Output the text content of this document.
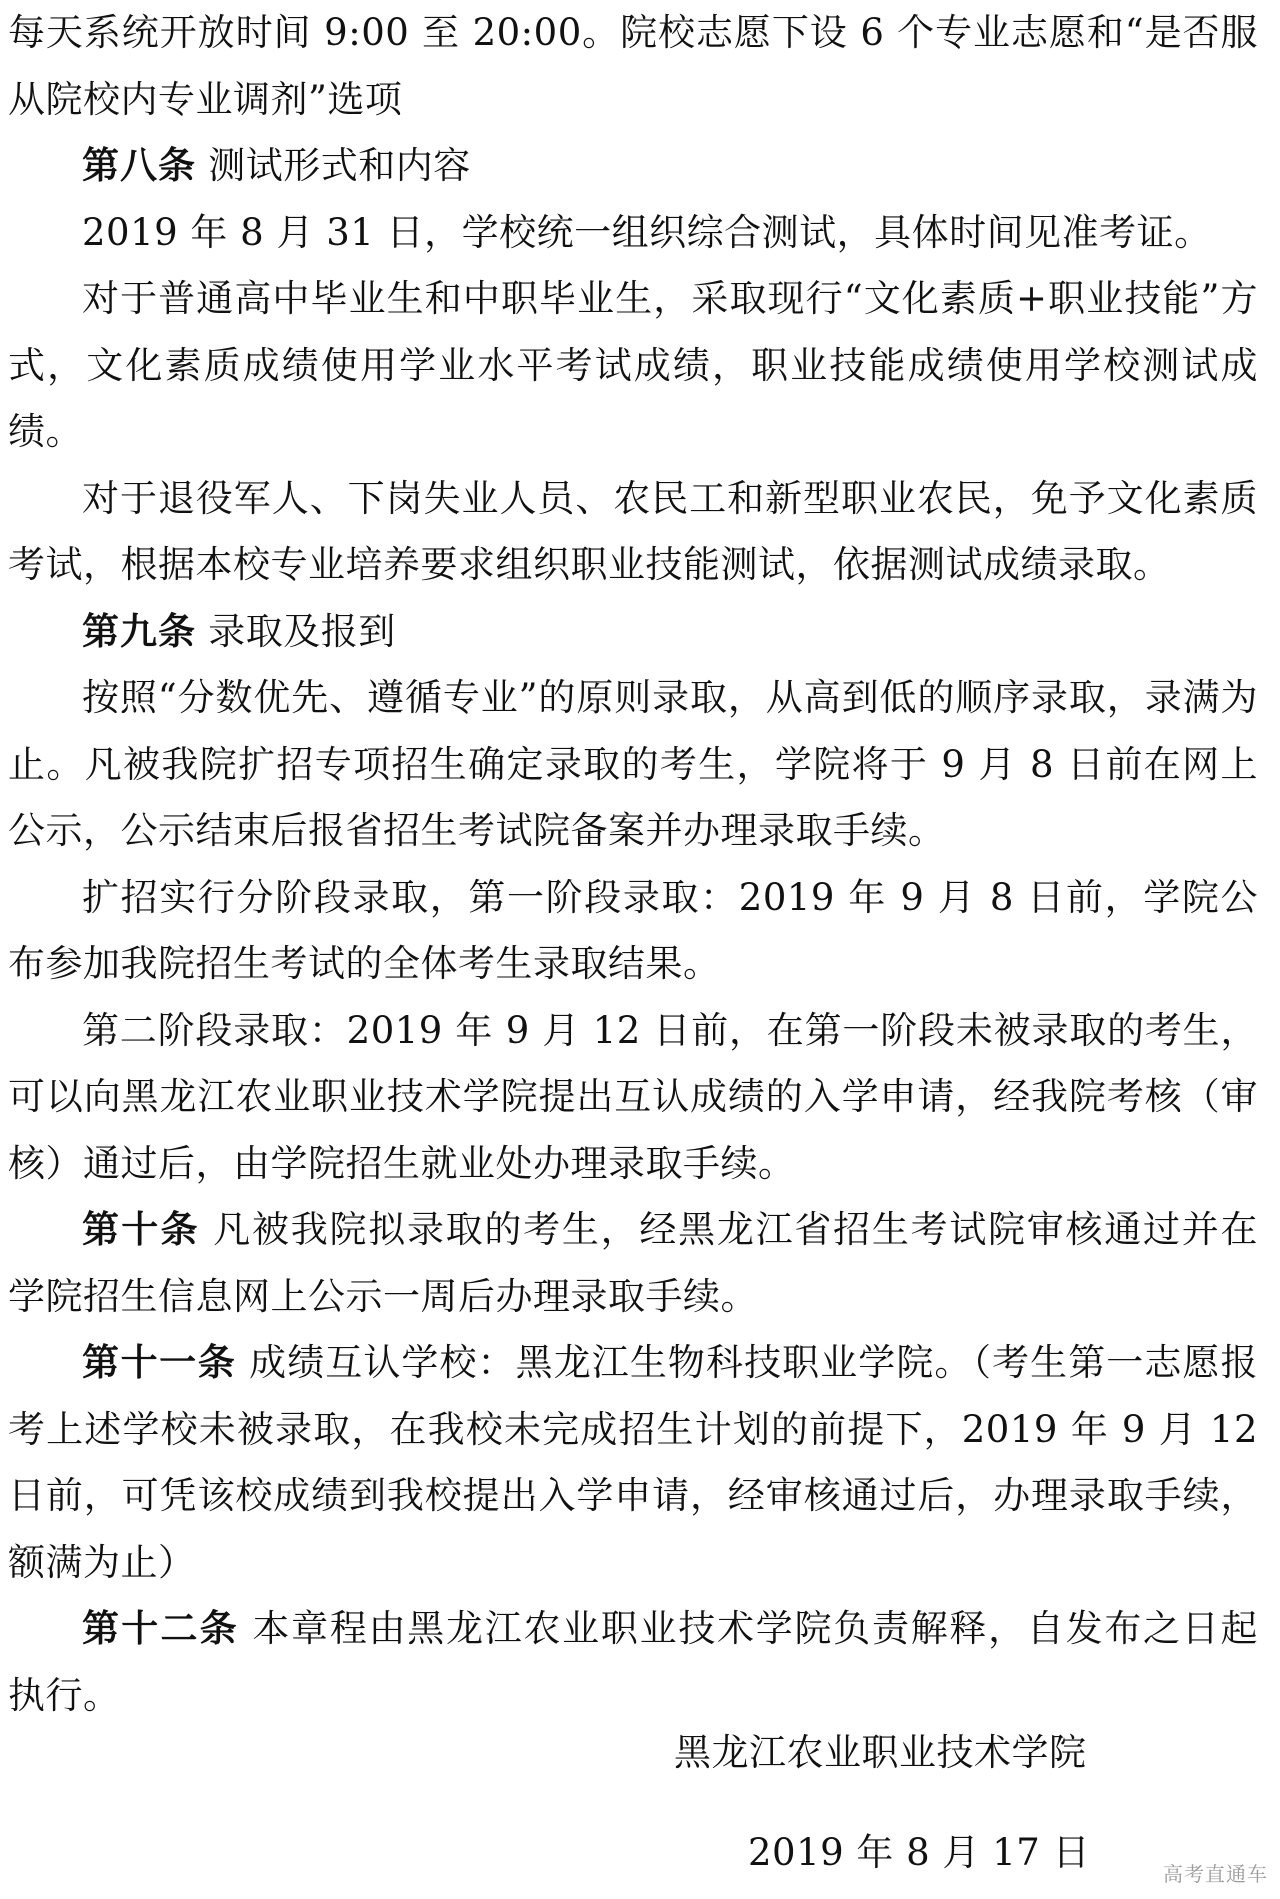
每天系统开放时间 9:00 至 20:00。院校志愿下设 6 个专业志愿和“是否服从院校内专业调剂”选项

第八条 测试形式和内容

2019 年 8 月 31 日，学校统一组织综合测试，具体时间见准考证。

对于普通高中毕业生和中职毕业生，采取现行“文化素质+职业技能”方式，文化素质成绩使用学业水平考试成绩，职业技能成绩使用学校测试成绩。

对于退役军人、下岗失业人员、农民工和新型职业农民，免予文化素质考试，根据本校专业培养要求组织职业技能测试，依据测试成绩录取。

第九条 录取及报到

按照“分数优先、遵循专业”的原则录取，从高到低的顺序录取，录满为止。凡被我院扩招专项招生确定录取的考生，学院将于 9 月 8 日前在网上公示，公示结束后报省招生考试院备案并办理录取手续。

扩招实行分阶段录取，第一阶段录取：2019 年 9 月 8 日前，学院公布参加我院招生考试的全体考生录取结果。

第二阶段录取：2019 年 9 月 12 日前，在第一阶段未被录取的考生，可以向黑龙江农业职业技术学院提出互认成绩的入学申请，经我院考核（审核）通过后，由学院招生就业处办理录取手续。

第十条 凡被我院拟录取的考生，经黑龙江省招生考试院审核通过并在学院招生信息网上公示一周后办理录取手续。

第十一条 成绩互认学校：黑龙江生物科技职业学院。（考生第一志愿报考上述学校未被录取，在我校未完成招生计划的前提下，2019 年 9 月 12 日前，可凭该校成绩到我校提出入学申请，经审核通过后，办理录取手续，额满为止）

第十二条 本章程由黑龙江农业职业技术学院负责解释，自发布之日起执行。

黑龙江农业职业技术学院
2019 年 8 月 17 日	高考直通车
